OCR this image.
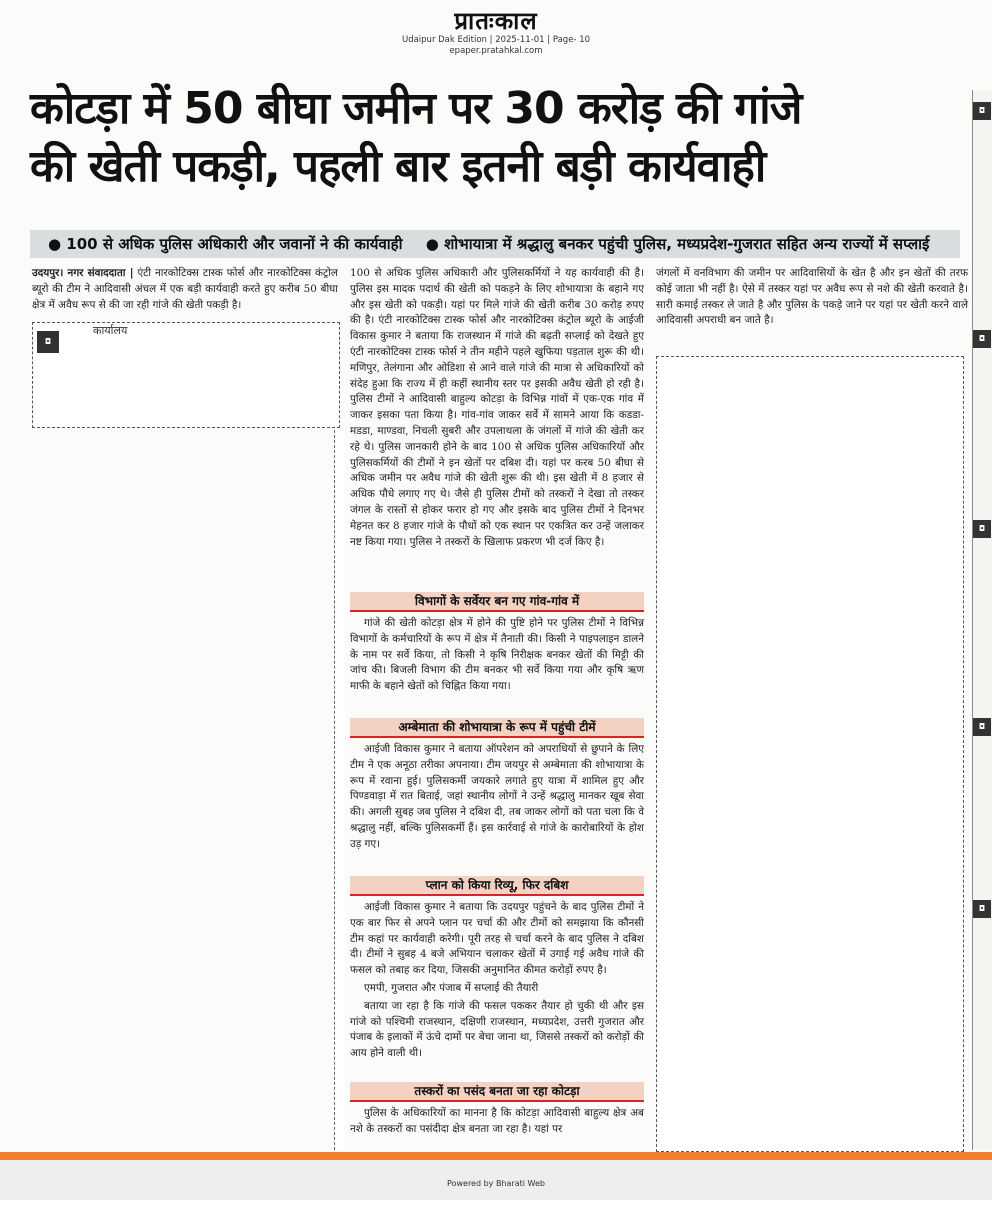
प्रातःकाल
Udaipur Dak Edition | 2025-11-01 | Page- 10
epaper.pratahkal.com
कोटड़ा में 50 बीघा जमीन पर 30 करोड़ की गांजे
की खेती पकड़ी, पहली बार इतनी बड़ी कार्यवाही
● 100 से अधिक पुलिस अधिकारी और जवानों ने की कार्यवाही ● शोभायात्रा में श्रद्धालु बनकर पहुंची पुलिस, मध्यप्रदेश-गुजरात सहित अन्य राज्यों में सप्लाई

उदयपुर। नगर संवाददाता | एंटी नारकोटिक्स टास्क फोर्स और नारकोटिक्स कंट्रोल ब्यूरो की टीम ने आदिवासी अंचल में एक बड़ी कार्यवाही करते हुए करीब 50 बीघा क्षेत्र में अवैध रूप से की जा रही गांजे की खेती पकड़ी है।

◘
कार्यालय

100 से अधिक पुलिस अधिकारी और पुलिसकर्मियों ने यह कार्यवाही की है। पुलिस इस मादक पदार्थ की खेती को पकड़ने के लिए शोभायात्रा के बहाने गए और इस खेती को पकड़ी। यहां पर मिले गांजे की खेती करीब 30 करोड़ रुपए की है। एंटी नारकोटिक्स टास्क फोर्स और नारकोटिक्स कंट्रोल ब्यूरो के आईजी विकास कुमार ने बताया कि राजस्थान में गांजे की बढ़ती सप्लाई को देखते हुए एंटी नारकोटिक्स टास्क फोर्स ने तीन महीने पहले खुफिया पड़ताल शुरू की थी। मणिपुर, तेलंगाना और ओडिशा से आने वाले गांजे की मात्रा से अधिकारियों को संदेह हुआ कि राज्य में ही कहीं स्थानीय स्तर पर इसकी अवैध खेती हो रही है। पुलिस टीमों ने आदिवासी बाहुल्य कोटड़ा के विभिन्न गांवों में एक-एक गांव में जाकर इसका पता किया है। गांव-गांव जाकर सर्वे में सामने आया कि कडडा-मडडा, माण्डवा, निचली सुबरी और उपलाथला के जंगलों में गांजे की खेती कर रहे थे। पुलिस जानकारी होने के बाद 100 से अधिक पुलिस अधिकारियों और पुलिसकर्मियों की टीमों ने इन खेतों पर दबिश दी। यहां पर करब 50 बीघा से अधिक जमीन पर अवैध गांजे की खेती शुरू की थी। इस खेती में 8 हजार से अधिक पौधे लगाए गए थे। जैसे ही पुलिस टीमों को तस्करों ने देखा तो तस्कर जंगल के रास्तों से होकर फरार हो गए और इसके बाद पुलिस टीमों ने दिनभर मेहनत कर 8 हजार गांजे के पौधों को एक स्थान पर एकत्रित कर उन्हें जलाकर नष्ट किया गया। पुलिस ने तस्करों के खिलाफ प्रकरण भी दर्ज किए है।

विभागों के सर्वेयर बन गए गांव-गांव में

गांजे की खेती कोटड़ा क्षेत्र में होने की पुष्टि होने पर पुलिस टीमों ने विभिन्न विभागों के कर्मचारियों के रूप में क्षेत्र में तैनाती की। किसी ने पाइपलाइन डालने के नाम पर सर्वे किया, तो किसी ने कृषि निरीक्षक बनकर खेतों की मिट्टी की जांच की। बिजली विभाग की टीम बनकर भी सर्वे किया गया और कृषि ऋण माफी के बहाने खेतों को चिह्नित किया गया।

अम्बेमाता की शोभायात्रा के रूप में पहुंची टीमें

आईजी विकास कुमार ने बताया ऑपरेशन को अपराधियों से छुपाने के लिए टीम ने एक अनूठा तरीका अपनाया। टीम जयपुर से अम्बेमाता की शोभायात्रा के रूप में रवाना हुई। पुलिसकर्मी जयकारे लगाते हुए यात्रा में शामिल हुए और पिण्डवाड़ा में रात बिताई, जहां स्थानीय लोगों ने उन्हें श्रद्धालु मानकर खूब सेवा की। अगली सुबह जब पुलिस ने दबिश दी, तब जाकर लोगों को पता चला कि वे श्रद्धालु नहीं, बल्कि पुलिसकर्मी हैं। इस कार्रवाई से गांजे के कारोबारियों के होश उड़ गए।

प्लान को किया रिव्यू, फिर दबिश

आईजी विकास कुमार ने बताया कि उदयपुर पहुंचने के बाद पुलिस टीमों ने एक बार फिर से अपने प्लान पर चर्चा की और टीमों को समझाया कि कौनसी टीम कहां पर कार्यवाही करेगी। पूरी तरह से चर्चा करने के बाद पुलिस ने दबिश दी। टीमों ने सुबह 4 बजे अभियान चलाकर खेतों में उगाई गई अवैध गांजे की फसल को तबाह कर दिया, जिसकी अनुमानित कीमत करोड़ों रुपए है।

एमपी, गुजरात और पंजाब में सप्लाई की तैयारी

बताया जा रहा है कि गांजे की फसल पककर तैयार हो चुकी थी और इस गांजे को पश्चिमी राजस्थान, दक्षिणी राजस्थान, मध्यप्रदेश, उत्तरी गुजरात और पंजाब के इलाकों में ऊंचे दामों पर बेचा जाना था, जिससे तस्करों को करोड़ों की आय होने वाली थी।

तस्करों का पसंद बनता जा रहा कोटड़ा

पुलिस के अधिकारियों का मानना है कि कोटड़ा आदिवासी बाहुल्य क्षेत्र अब नशे के तस्करों का पसंदीदा क्षेत्र बनता जा रहा है। यहां पर

जंगलों में वनविभाग की जमीन पर आदिवासियों के खेत है और इन खेतों की तरफ कोई जाता भी नहीं है। ऐसे में तस्कर यहां पर अवैध रूप से नशे की खेती करवाते है। सारी कमाई तस्कर ले जाते है और पुलिस के पकड़े जाने पर यहां पर खेती करने वाले आदिवासी अपराधी बन जाते है।

◘
◘
◘
◘
◘
Powered by Bharati Web
